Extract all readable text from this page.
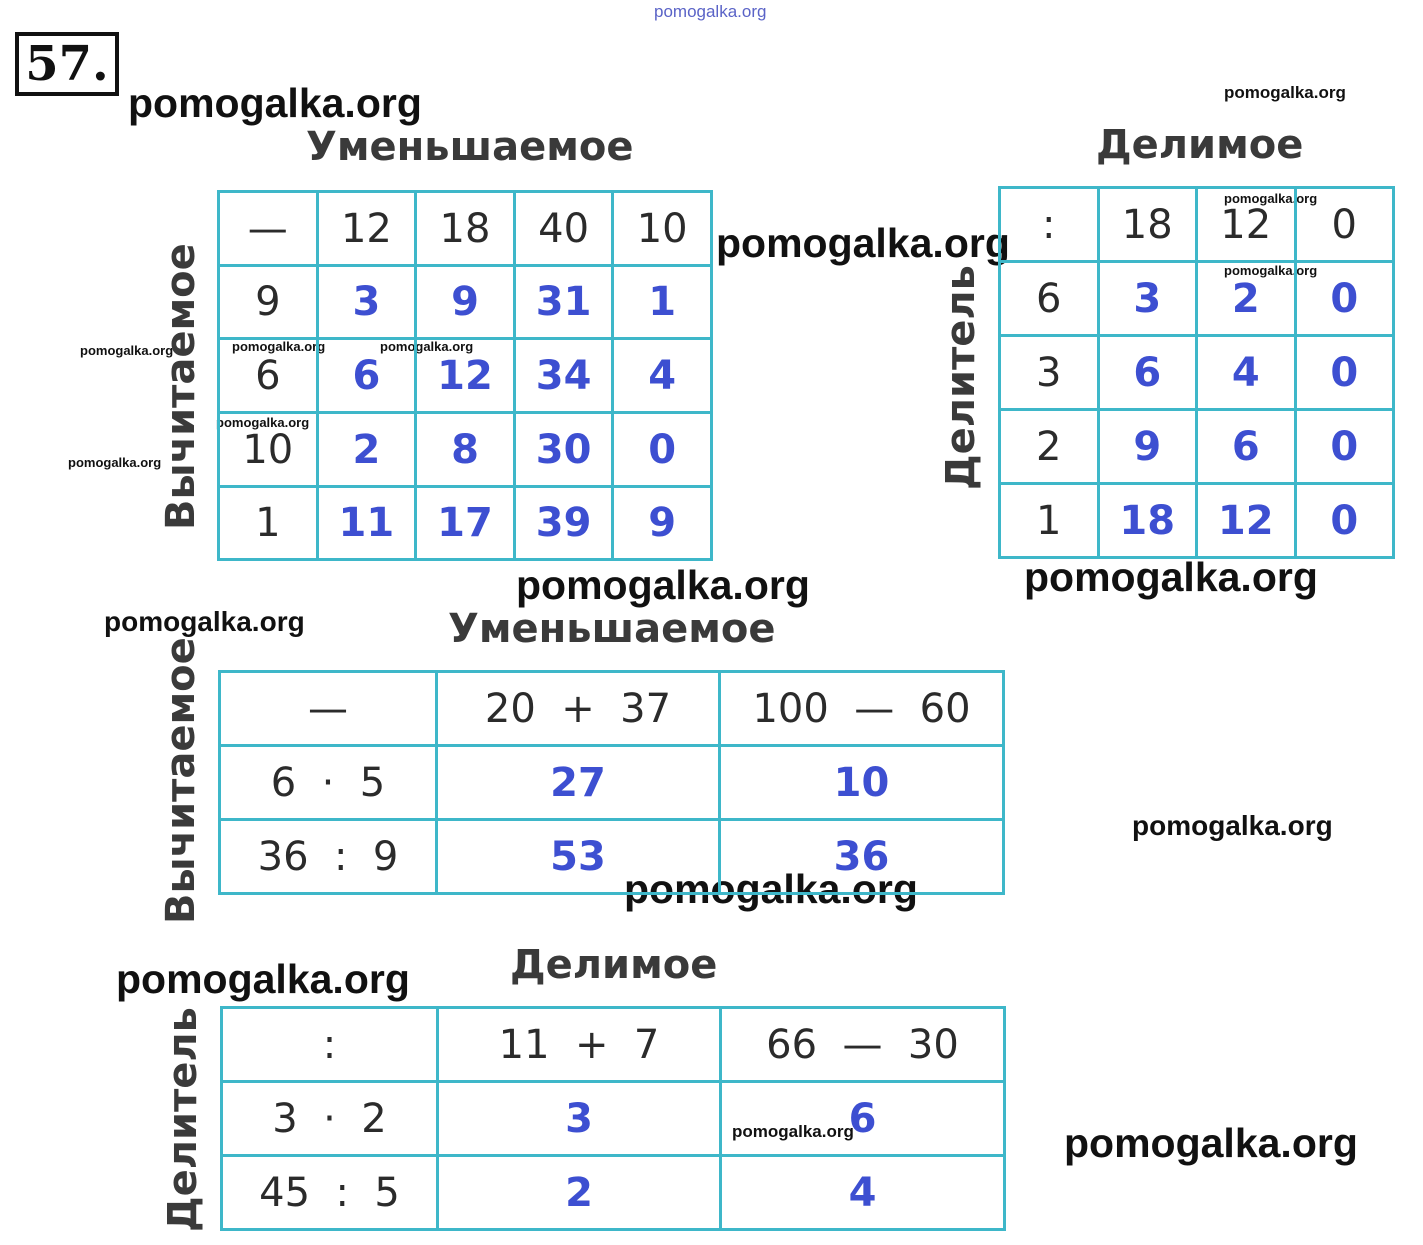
57.
pomogalka.org
pomogalka.org	pomogalka.org
pomogalka.org
pomogalka.org
pomogalka.org
pomogalka.org	pomogalka.org	pomogalka.org
pomogalka.org
pomogalka.org
pomogalka.org	pomogalka.org
pomogalka.org
pomogalka.org
pomogalka.org
pomogalka.org
pomogalka.org
Уменьшаемое
Вычитаемое
—	12	18	40	10
9	3	9	31	1
6	6	12	34	4
10	2	8	30	0
1	11	17	39	9
Делимое
Делитель
:	18	12	0
6	3	2	0
3	6	4	0
2	9	6	0
1	18	12	0
Уменьшаемое
Вычитаемое	—	20  +  37	100  —  60
6  ·  5	27	10
36  :  9	53	36
Делимое
Делитель	:	11  +  7	66  —  30
3  ·  2	3	6
45  :  5	2	4
pomogalka.org
